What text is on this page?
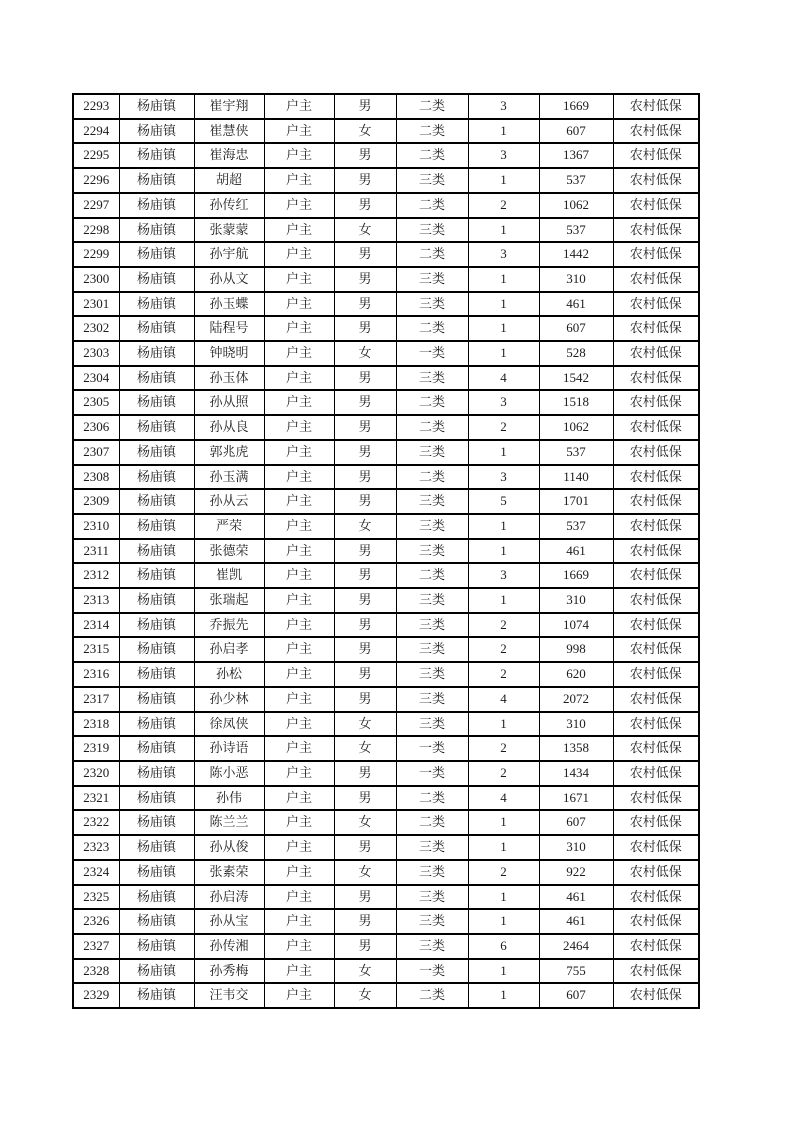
2293	杨庙镇	崔宇翔	户主	男	二类	3	1669	农村低保
2294	杨庙镇	崔慧侠	户主	女	二类	1	607	农村低保
2295	杨庙镇	崔海忠	户主	男	二类	3	1367	农村低保
2296	杨庙镇	胡超	户主	男	三类	1	537	农村低保
2297	杨庙镇	孙传红	户主	男	二类	2	1062	农村低保
2298	杨庙镇	张蒙蒙	户主	女	三类	1	537	农村低保
2299	杨庙镇	孙宇航	户主	男	二类	3	1442	农村低保
2300	杨庙镇	孙从文	户主	男	三类	1	310	农村低保
2301	杨庙镇	孙玉蝶	户主	男	三类	1	461	农村低保
2302	杨庙镇	陆程号	户主	男	二类	1	607	农村低保
2303	杨庙镇	钟晓明	户主	女	一类	1	528	农村低保
2304	杨庙镇	孙玉体	户主	男	三类	4	1542	农村低保
2305	杨庙镇	孙从照	户主	男	二类	3	1518	农村低保
2306	杨庙镇	孙从良	户主	男	二类	2	1062	农村低保
2307	杨庙镇	郭兆虎	户主	男	三类	1	537	农村低保
2308	杨庙镇	孙玉满	户主	男	二类	3	1140	农村低保
2309	杨庙镇	孙从云	户主	男	三类	5	1701	农村低保
2310	杨庙镇	严荣	户主	女	三类	1	537	农村低保
2311	杨庙镇	张德荣	户主	男	三类	1	461	农村低保
2312	杨庙镇	崔凯	户主	男	二类	3	1669	农村低保
2313	杨庙镇	张瑞起	户主	男	三类	1	310	农村低保
2314	杨庙镇	乔振先	户主	男	三类	2	1074	农村低保
2315	杨庙镇	孙启孝	户主	男	三类	2	998	农村低保
2316	杨庙镇	孙松	户主	男	三类	2	620	农村低保
2317	杨庙镇	孙少林	户主	男	三类	4	2072	农村低保
2318	杨庙镇	徐凤侠	户主	女	三类	1	310	农村低保
2319	杨庙镇	孙诗语	户主	女	一类	2	1358	农村低保
2320	杨庙镇	陈小恶	户主	男	一类	2	1434	农村低保
2321	杨庙镇	孙伟	户主	男	二类	4	1671	农村低保
2322	杨庙镇	陈兰兰	户主	女	二类	1	607	农村低保
2323	杨庙镇	孙从俊	户主	男	三类	1	310	农村低保
2324	杨庙镇	张素荣	户主	女	三类	2	922	农村低保
2325	杨庙镇	孙启涛	户主	男	三类	1	461	农村低保
2326	杨庙镇	孙从宝	户主	男	三类	1	461	农村低保
2327	杨庙镇	孙传湘	户主	男	三类	6	2464	农村低保
2328	杨庙镇	孙秀梅	户主	女	一类	1	755	农村低保
2329	杨庙镇	汪韦交	户主	女	二类	1	607	农村低保
